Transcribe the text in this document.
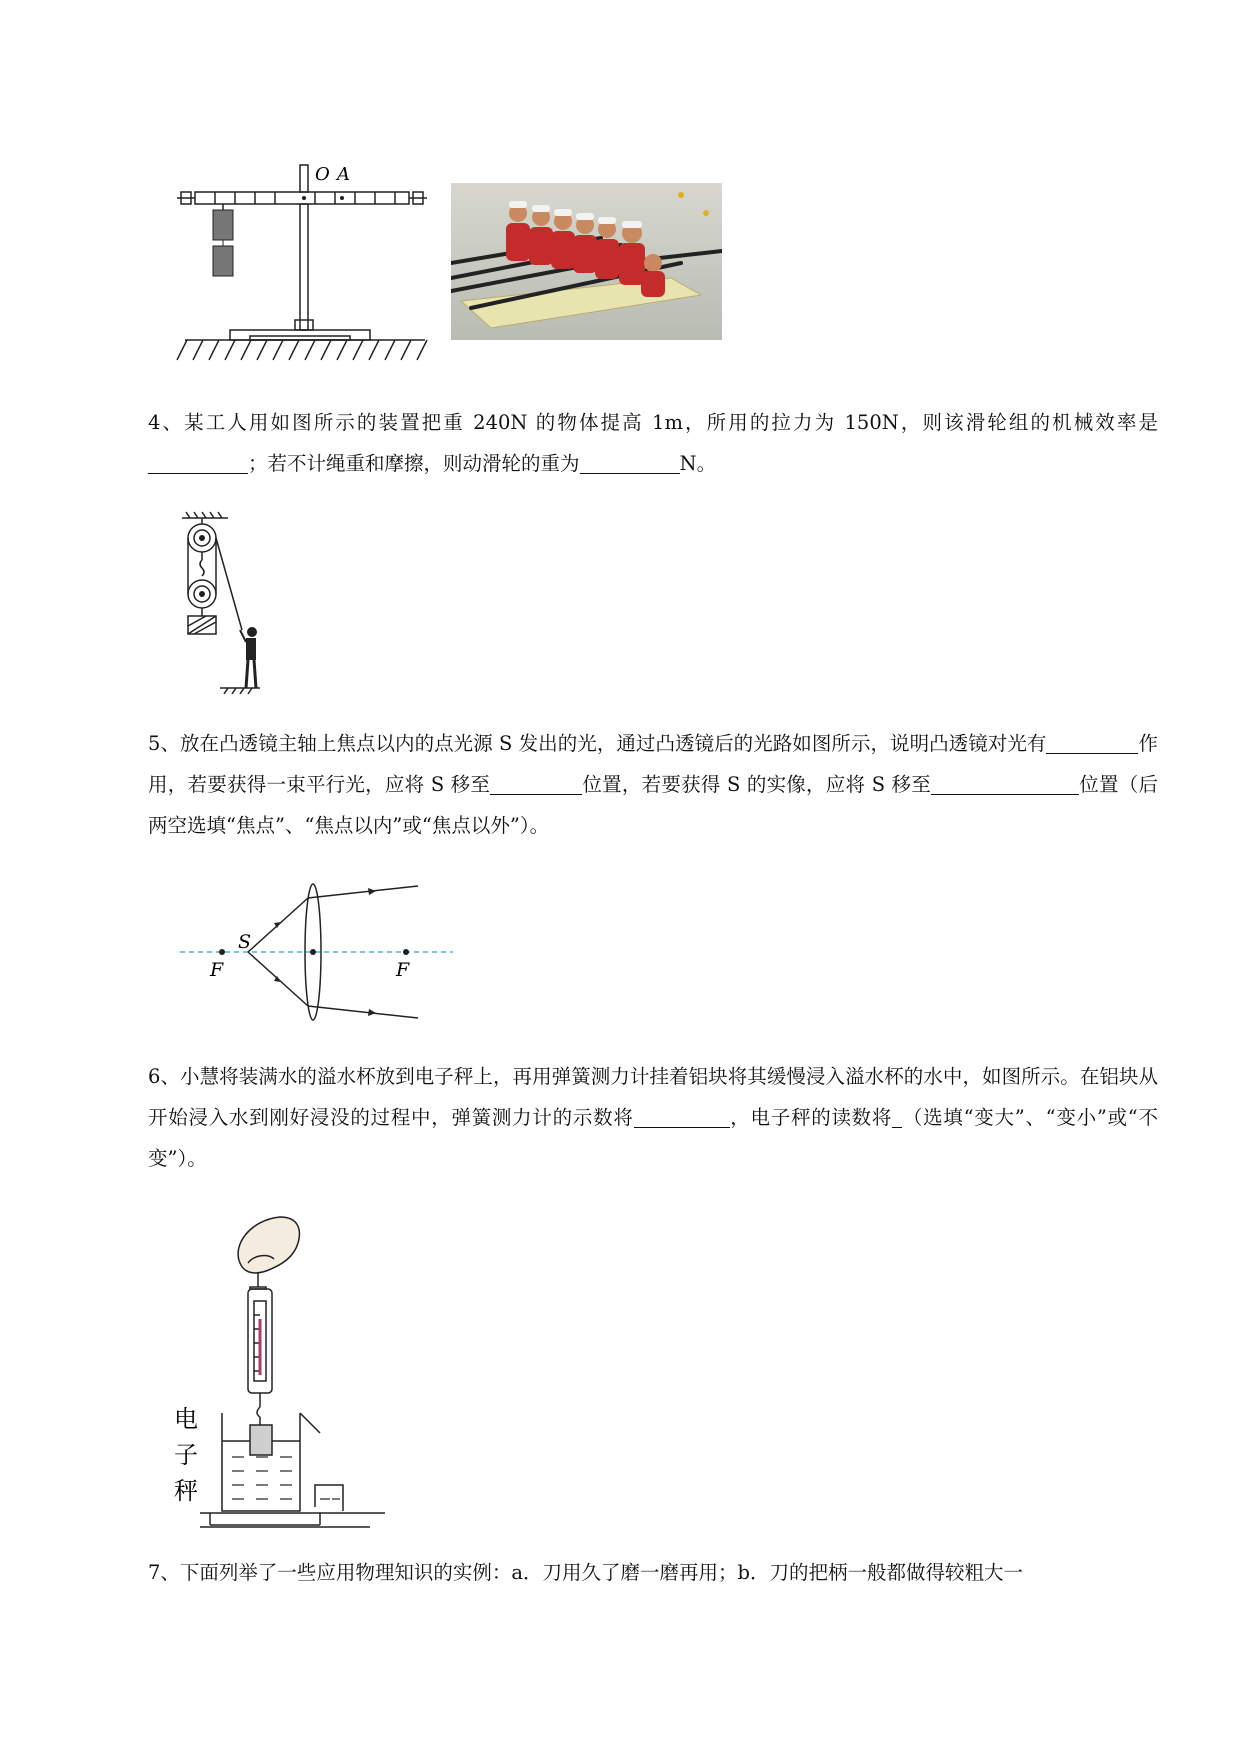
O A
4、某工人用如图所示的装置把重 240N 的物体提高 1m，所用的拉力为 150N，则该滑轮组的机械效率是；若不计绳重和摩擦，则动滑轮的重为	N。
5、放在凸透镜主轴上焦点以内的点光源 S 发出的光，通过凸透镜后的光路如图所示，说明凸透镜对光有	作用，若要获得一束平行光，应将 S 移至	位置，若要获得 S 的实像，应将 S 移至	位置（后两空选填“焦点”、“焦点以内”或“焦点以外”）。
S
F	F
6、小慧将装满水的溢水杯放到电子秤上，再用弹簧测力计挂着铝块将其缓慢浸入溢水杯的水中，如图所示。在铝块从开始浸入水到刚好浸没的过程中，弹簧测力计的示数将	，电子秤的读数将 （选填“变大”、“变小”或“不变”）。
电
子
秤
7、下面列举了一些应用物理知识的实例：a．刀用久了磨一磨再用；b．刀的把柄一般都做得较粗大一
